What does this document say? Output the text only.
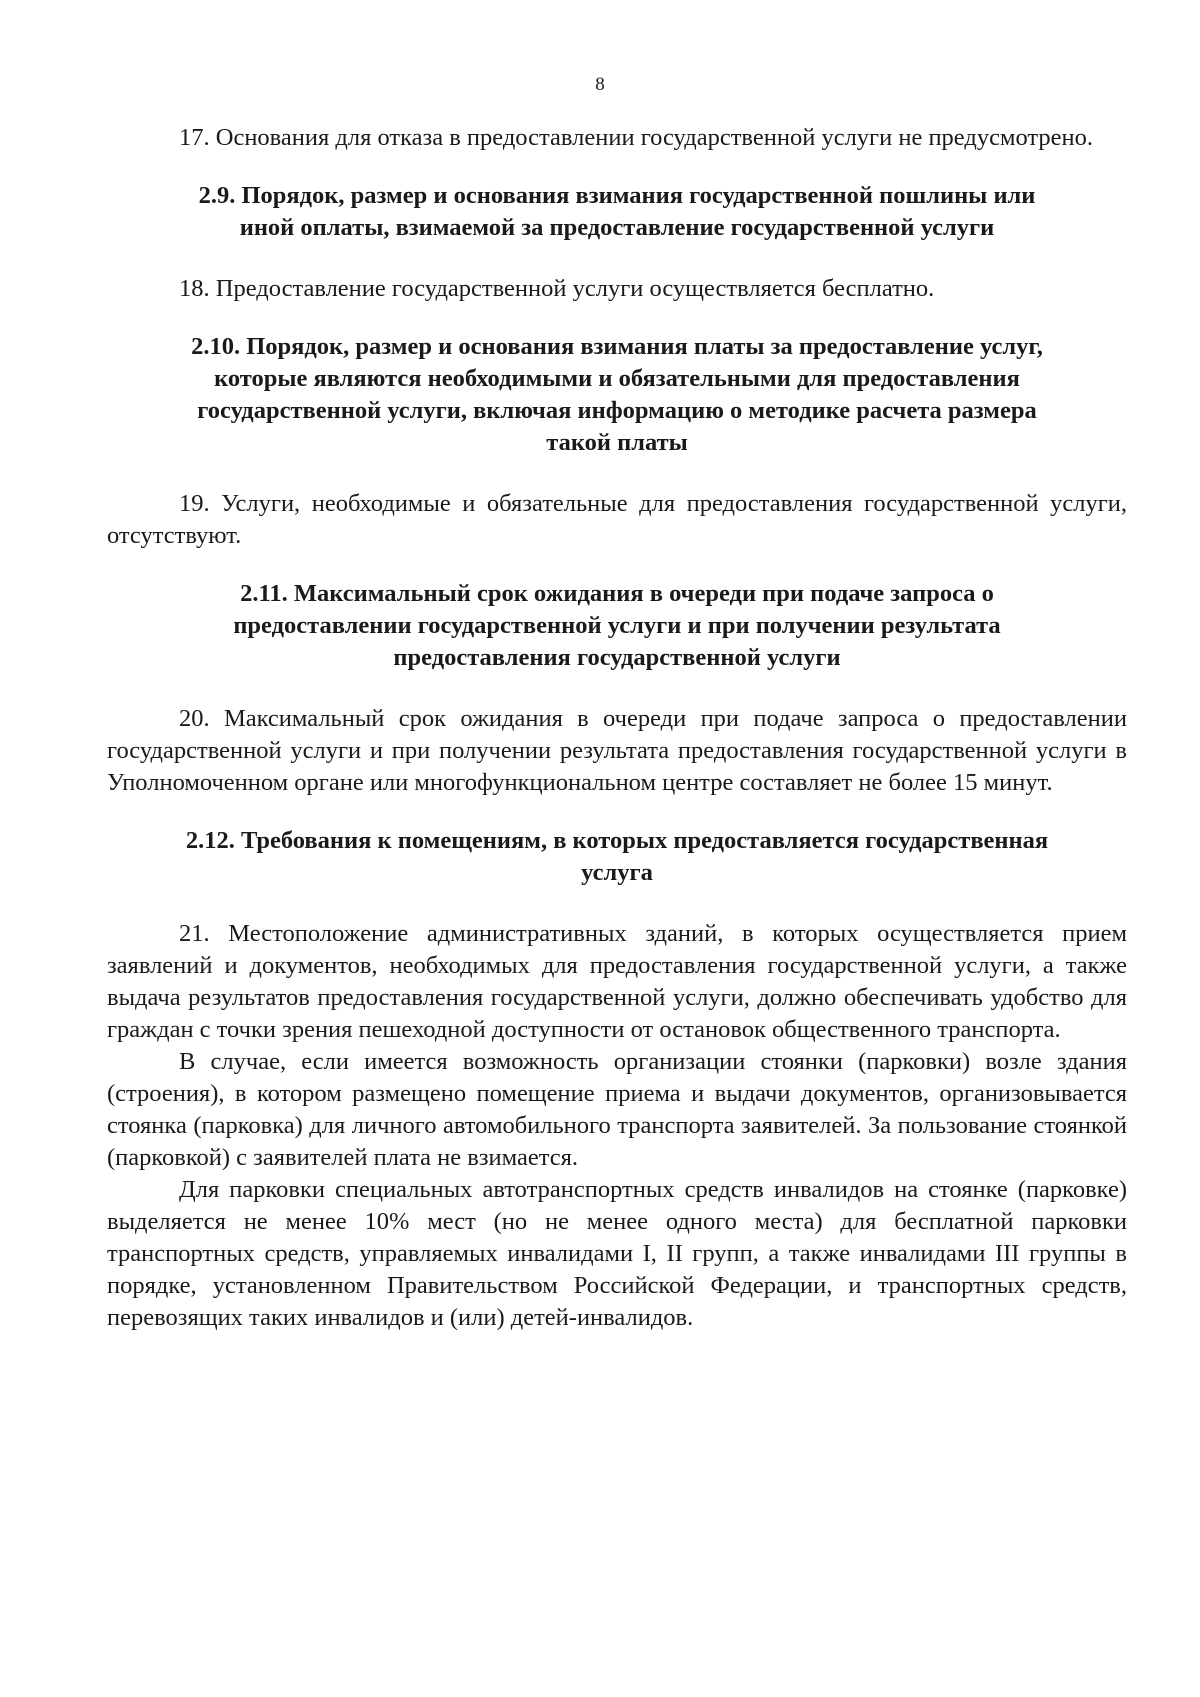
8

17. Основания для отказа в предоставлении государственной услуги не предусмотрено.

2.9. Порядок, размер и основания взимания государственной пошлины или
иной оплаты, взимаемой за предоставление государственной услуги

18. Предоставление государственной услуги осуществляется бесплатно.

2.10. Порядок, размер и основания взимания платы за предоставление услуг,
которые являются необходимыми и обязательными для предоставления
государственной услуги, включая информацию о методике расчета размера
такой платы

19. Услуги, необходимые и обязательные для предоставления государственной услуги, отсутствуют.

2.11. Максимальный срок ожидания в очереди при подаче запроса о
предоставлении государственной услуги и при получении результата
предоставления государственной услуги

20. Максимальный срок ожидания в очереди при подаче запроса о предоставлении государственной услуги и при получении результата предоставления государственной услуги в Уполномоченном органе или многофункциональном центре составляет не более 15 минут.

2.12. Требования к помещениям, в которых предоставляется государственная
услуга

21. Местоположение административных зданий, в которых осуществляется прием заявлений и документов, необходимых для предоставления государственной услуги, а также выдача результатов предоставления государственной услуги, должно обеспечивать удобство для граждан с точки зрения пешеходной доступности от остановок общественного транспорта.

В случае, если имеется возможность организации стоянки (парковки) возле здания (строения), в котором размещено помещение приема и выдачи документов, организовывается стоянка (парковка) для личного автомобильного транспорта заявителей. За пользование стоянкой (парковкой) с заявителей плата не взимается.

Для парковки специальных автотранспортных средств инвалидов на стоянке (парковке) выделяется не менее 10% мест (но не менее одного места) для бесплатной парковки транспортных средств, управляемых инвалидами I, II групп, а также инвалидами III группы в порядке, установленном Правительством Российской Федерации, и транспортных средств, перевозящих таких инвалидов и (или) детей-инвалидов.
